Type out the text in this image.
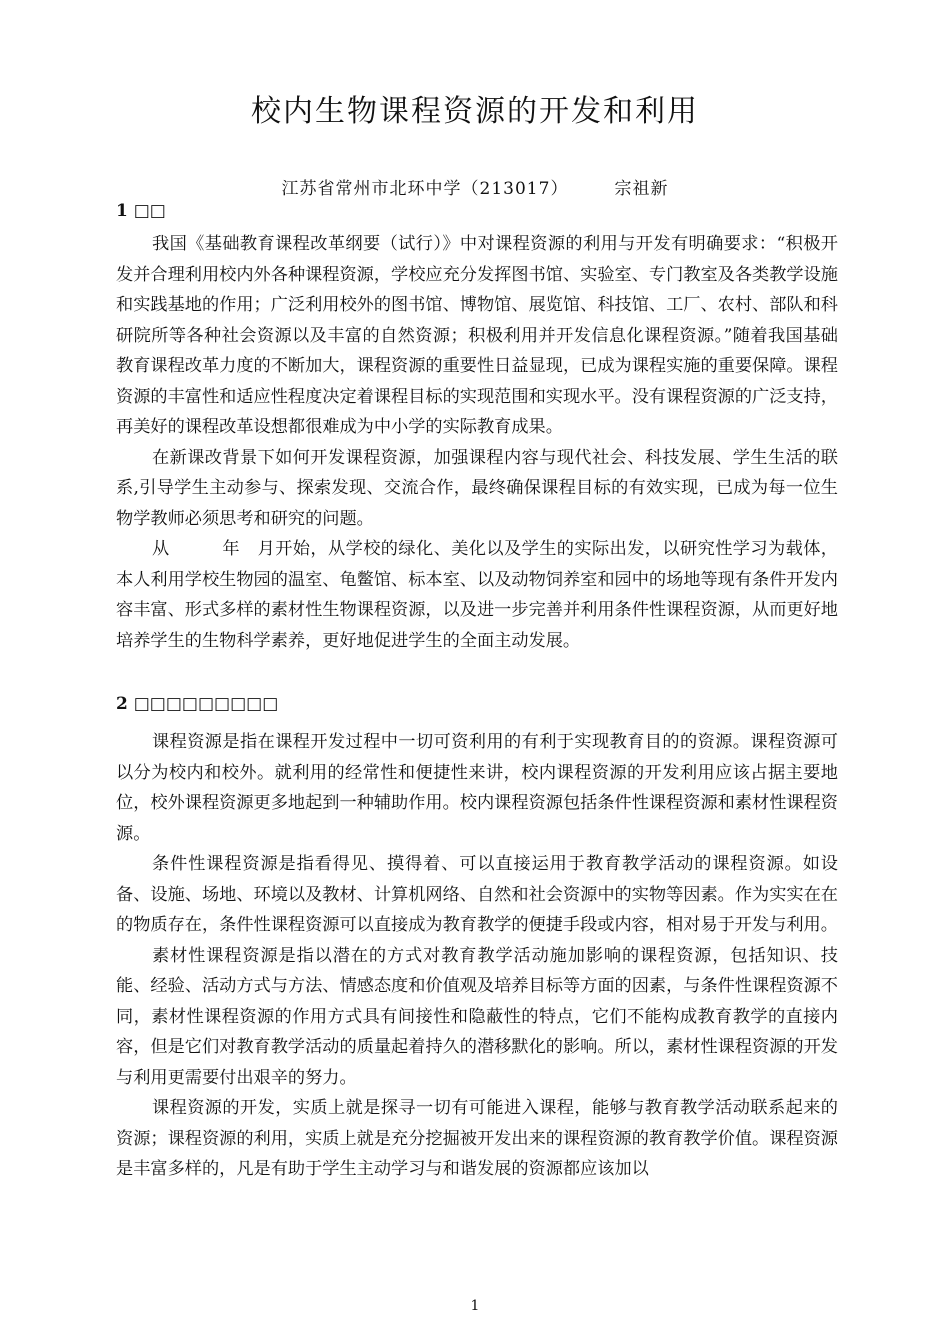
校内生物课程资源的开发和利用
江苏省常州市北环中学（213017）	宗祖新
1 □□

我国《基础教育课程改革纲要（试行）》中对课程资源的利用与开发有明确要求：“积极开发并合理利用校内外各种课程资源，学校应充分发挥图书馆、实验室、专门教室及各类教学设施和实践基地的作用；广泛利用校外的图书馆、博物馆、展览馆、科技馆、工厂、农村、部队和科研院所等各种社会资源以及丰富的自然资源；积极利用并开发信息化课程资源。”随着我国基础教育课程改革力度的不断加大，课程资源的重要性日益显现，已成为课程实施的重要保障。课程资源的丰富性和适应性程度决定着课程目标的实现范围和实现水平。没有课程资源的广泛支持，再美好的课程改革设想都很难成为中小学的实际教育成果。

在新课改背景下如何开发课程资源，加强课程内容与现代社会、科技发展、学生生活的联系,引导学生主动参与、探索发现、交流合作，最终确保课程目标的有效实现，已成为每一位生物学教师必须思考和研究的问题。

从　　　年　月开始，从学校的绿化、美化以及学生的实际出发，以研究性学习为载体，本人利用学校生物园的温室、龟鳖馆、标本室、以及动物饲养室和园中的场地等现有条件开发内容丰富、形式多样的素材性生物课程资源，以及进一步完善并利用条件性课程资源，从而更好地培养学生的生物科学素养，更好地促进学生的全面主动发展。

2 □□□□□□□□□

课程资源是指在课程开发过程中一切可资利用的有利于实现教育目的的资源。课程资源可以分为校内和校外。就利用的经常性和便捷性来讲，校内课程资源的开发利用应该占据主要地位，校外课程资源更多地起到一种辅助作用。校内课程资源包括条件性课程资源和素材性课程资源。

条件性课程资源是指看得见、摸得着、可以直接运用于教育教学活动的课程资源。如设备、设施、场地、环境以及教材、计算机网络、自然和社会资源中的实物等因素。作为实实在在的物质存在，条件性课程资源可以直接成为教育教学的便捷手段或内容，相对易于开发与利用。

素材性课程资源是指以潜在的方式对教育教学活动施加影响的课程资源，包括知识、技能、经验、活动方式与方法、情感态度和价值观及培养目标等方面的因素，与条件性课程资源不同，素材性课程资源的作用方式具有间接性和隐蔽性的特点，它们不能构成教育教学的直接内容，但是它们对教育教学活动的质量起着持久的潜移默化的影响。所以，素材性课程资源的开发与利用更需要付出艰辛的努力。

课程资源的开发，实质上就是探寻一切有可能进入课程，能够与教育教学活动联系起来的资源；课程资源的利用，实质上就是充分挖掘被开发出来的课程资源的教育教学价值。课程资源是丰富多样的，凡是有助于学生主动学习与和谐发展的资源都应该加以

1
